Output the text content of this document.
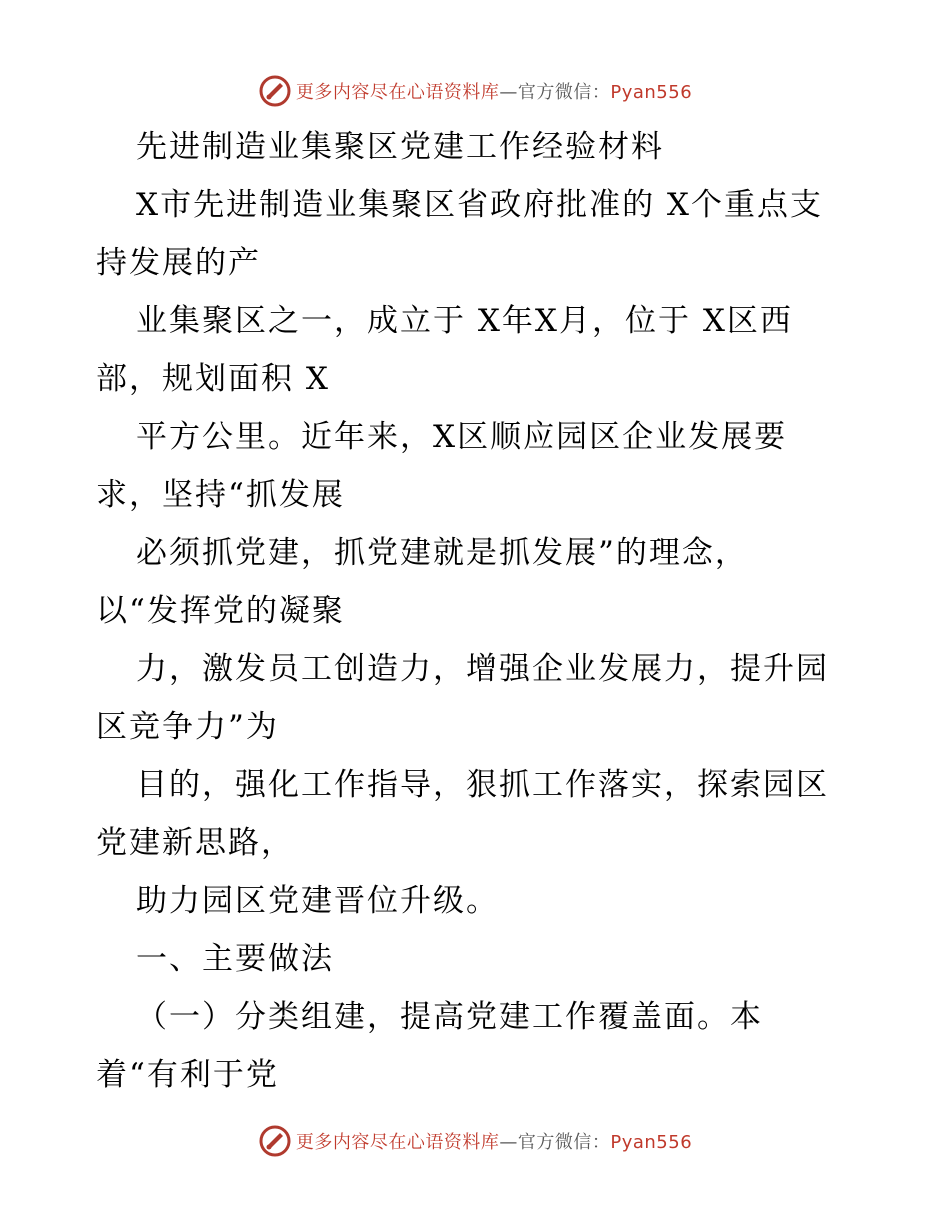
更多内容尽在心语资料库—官方微信：Pyan556
先进制造业集聚区党建工作经验材料
X市先进制造业集聚区省政府批准的 X个重点支
持发展的产
业集聚区之一，成立于 X年X月，位于 X区西
部，规划面积 X
平方公里。近年来，X区顺应园区企业发展要
求，坚持“抓发展
必须抓党建，抓党建就是抓发展”的理念，
以“发挥党的凝聚
力，激发员工创造力，增强企业发展力，提升园
区竞争力”为
目的，强化工作指导，狠抓工作落实，探索园区
党建新思路，
助力园区党建晋位升级。
一、主要做法
（一）分类组建，提高党建工作覆盖面。本
着“有利于党
更多内容尽在心语资料库—官方微信：Pyan556
